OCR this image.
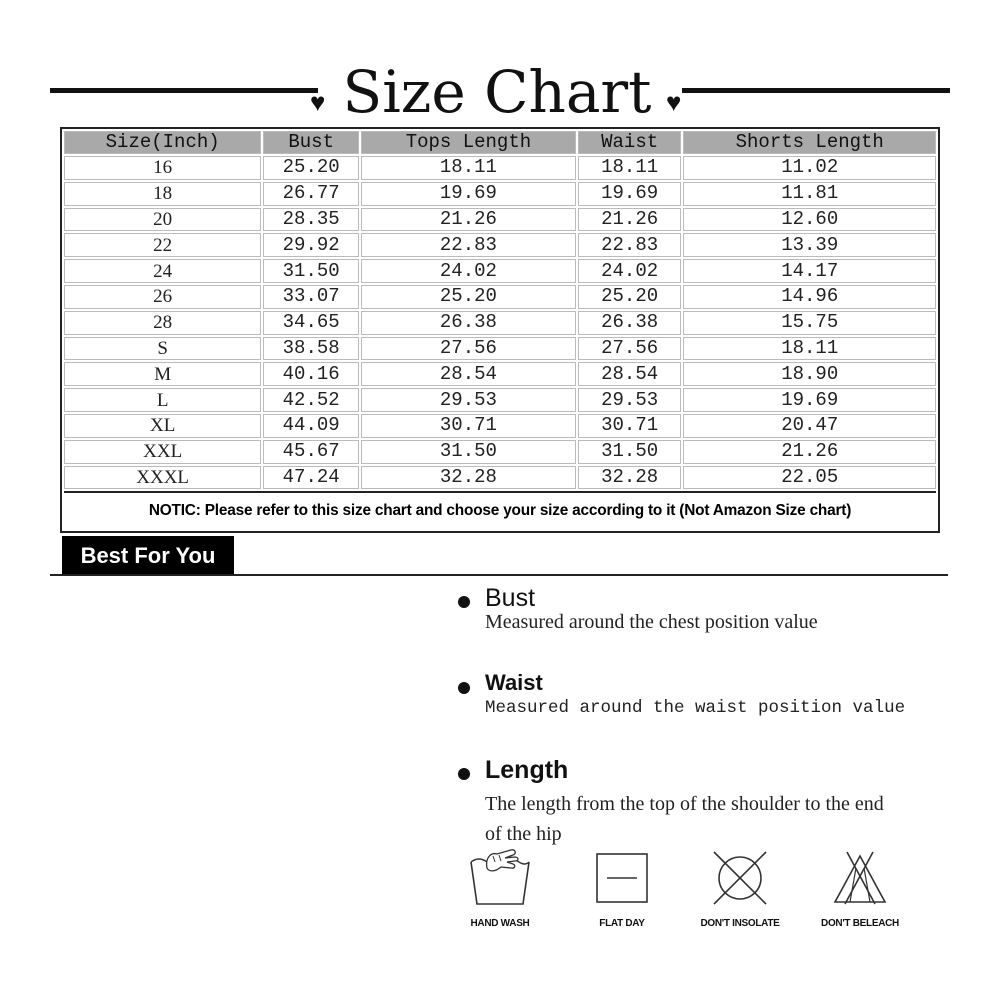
♥ Size Chart ♥
Size(Inch)	Bust	Tops Length	Waist	Shorts Length
16	25.20	18.11	18.11	11.02
18	26.77	19.69	19.69	11.81
20	28.35	21.26	21.26	12.60
22	29.92	22.83	22.83	13.39
24	31.50	24.02	24.02	14.17
26	33.07	25.20	25.20	14.96
28	34.65	26.38	26.38	15.75
S	38.58	27.56	27.56	18.11
M	40.16	28.54	28.54	18.90
L	42.52	29.53	29.53	19.69
XL	44.09	30.71	30.71	20.47
XXL	45.67	31.50	31.50	21.26
XXXL	47.24	32.28	32.28	22.05
NOTIC: Please refer to this size chart and choose your size according to it (Not Amazon Size chart)				
Best For You
Bust
Measured around the chest position value
Waist
Measured around the waist position value
Length
The length from the top of the shoulder to the end of the hip
HAND WASH	FLAT DAY	DON'T INSOLATE	DON'T BELEACH
